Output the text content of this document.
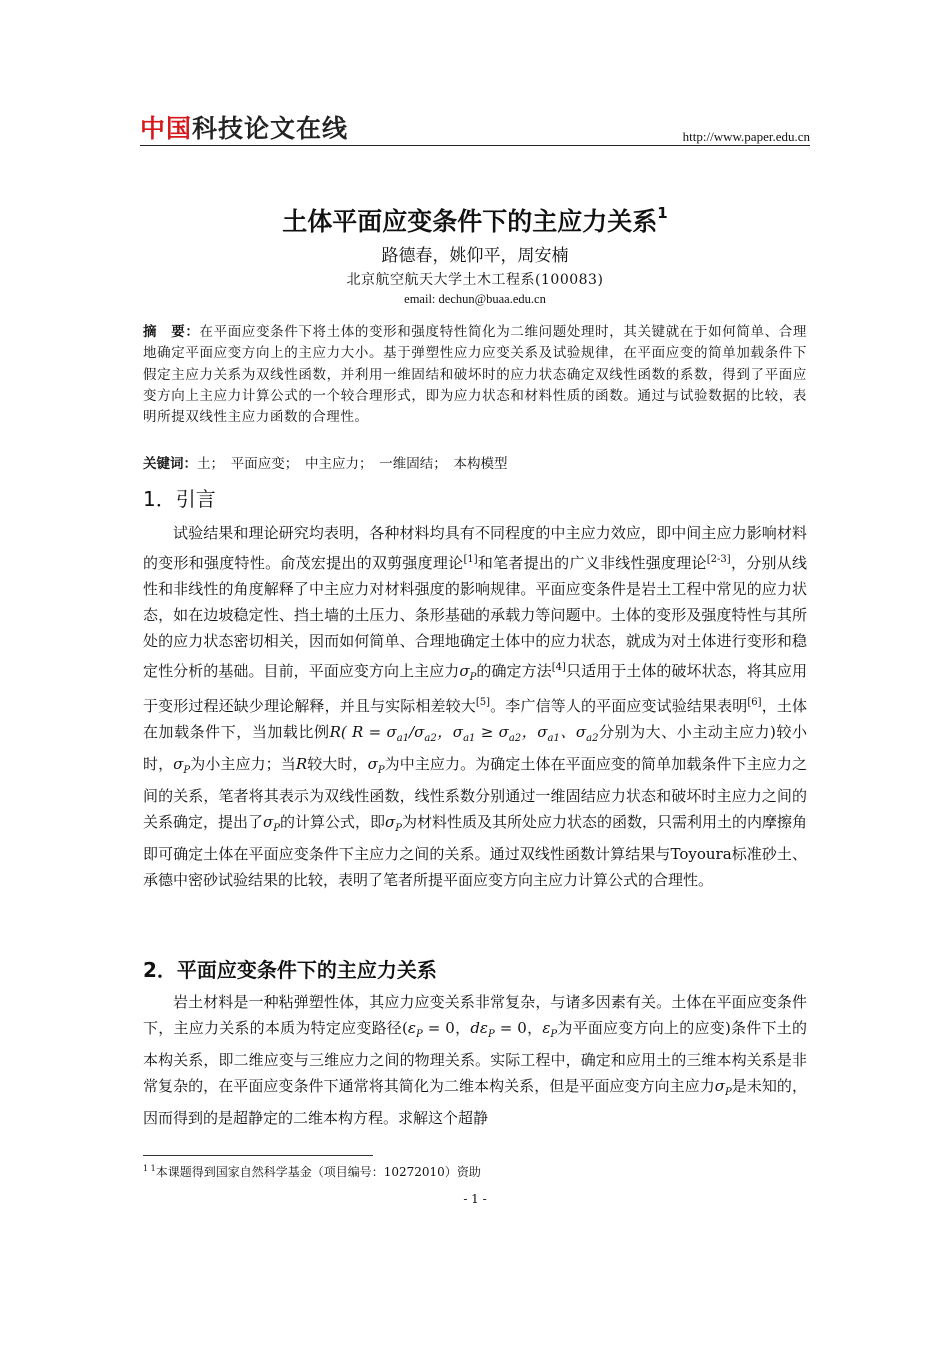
中国科技论文在线	http://www.paper.edu.cn
土体平面应变条件下的主应力关系$^1$
路德春，姚仰平，周安楠
北京航空航天大学土木工程系(100083)
email: dechun@buaa.edu.cn
摘　要：在平面应变条件下将土体的变形和强度特性简化为二维问题处理时，其关键就在于如何简单、合理地确定平面应变方向上的主应力大小。基于弹塑性应力应变关系及试验规律，在平面应变的简单加载条件下假定主应力关系为双线性函数，并利用一维固结和破坏时的应力状态确定双线性函数的系数，得到了平面应变方向上主应力计算公式的一个较合理形式，即为应力状态和材料性质的函数。通过与试验数据的比较，表明所提双线性主应力函数的合理性。
关键词：土；　平面应变；　中主应力；　一维固结；　本构模型
1．引言

试验结果和理论研究均表明，各种材料均具有不同程度的中主应力效应，即中间主应力影响材料的变形和强度特性。俞茂宏提出的双剪强度理论[1]和笔者提出的广义非线性强度理论[2-3]，分别从线性和非线性的角度解释了中主应力对材料强度的影响规律。平面应变条件是岩土工程中常见的应力状态，如在边坡稳定性、挡土墙的土压力、条形基础的承载力等问题中。土体的变形及强度特性与其所处的应力状态密切相关，因而如何简单、合理地确定土体中的应力状态，就成为对土体进行变形和稳定性分析的基础。目前，平面应变方向上主应力$\sigma_P$的确定方法[4]只适用于土体的破坏状态，将其应用于变形过程还缺少理论解释，并且与实际相差较大[5]。李广信等人的平面应变试验结果表明[6]，土体在加载条件下，当加载比例R( $R = \sigma_{a1}/\sigma_{a2}$，$\sigma_{a1} \ge \sigma_{a2}$，$\sigma_{a1}$、$\sigma_{a2}$分别为大、小主动主应力)较小时，$\sigma_P$为小主应力；当R较大时，$\sigma_P$为中主应力。为确定土体在平面应变的简单加载条件下主应力之间的关系，笔者将其表示为双线性函数，线性系数分别通过一维固结应力状态和破坏时主应力之间的关系确定，提出了$\sigma_P$的计算公式，即$\sigma_P$为材料性质及其所处应力状态的函数，只需利用土的内摩擦角即可确定土体在平面应变条件下主应力之间的关系。通过双线性函数计算结果与Toyoura标准砂土、承德中密砂试验结果的比较，表明了笔者所提平面应变方向主应力计算公式的合理性。

2．平面应变条件下的主应力关系

岩土材料是一种粘弹塑性体，其应力应变关系非常复杂，与诸多因素有关。土体在平面应变条件下，主应力关系的本质为特定应变路径($\varepsilon_P = 0$，$d\varepsilon_P = 0$，$\varepsilon_P$为平面应变方向上的应变)条件下土的本构关系，即二维应变与三维应力之间的物理关系。实际工程中，确定和应用土的三维本构关系是非常复杂的，在平面应变条件下通常将其简化为二维本构关系，但是平面应变方向主应力$\sigma_P$是未知的，因而得到的是超静定的二维本构方程。求解这个超静

$^{1 1}$本课题得到国家自然科学基金（项目编号：10272010）资助
- 1 -
